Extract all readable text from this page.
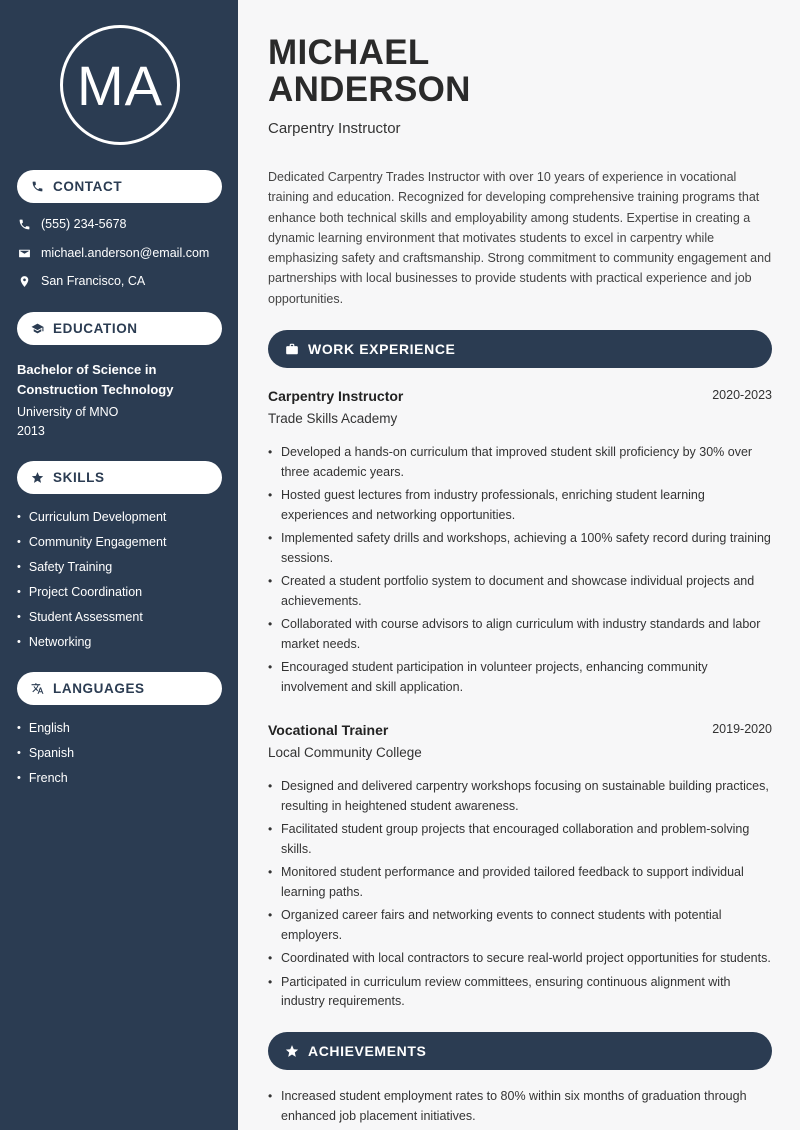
MA
CONTACT
(555) 234-5678
michael.anderson@email.com
San Francisco, CA
EDUCATION
Bachelor of Science in
Construction Technology
University of MNO
2013
SKILLS
• Curriculum Development
• Community Engagement
• Safety Training
• Project Coordination
• Student Assessment
• Networking
LANGUAGES
• English
• Spanish
• French
MICHAEL
ANDERSON
Carpentry Instructor
Dedicated Carpentry Trades Instructor with over 10 years of experience in vocational training and education. Recognized for developing comprehensive training programs that enhance both technical skills and employability among students. Expertise in creating a dynamic learning environment that motivates students to excel in carpentry while emphasizing safety and craftsmanship. Strong commitment to community engagement and partnerships with local businesses to provide students with practical experience and job opportunities.
WORK EXPERIENCE
Carpentry Instructor	2020-2023
Trade Skills Academy
• Developed a hands-on curriculum that improved student skill proficiency by 30% over three academic years.
• Hosted guest lectures from industry professionals, enriching student learning experiences and networking opportunities.
• Implemented safety drills and workshops, achieving a 100% safety record during training sessions.
• Created a student portfolio system to document and showcase individual projects and achievements.
• Collaborated with course advisors to align curriculum with industry standards and labor market needs.
• Encouraged student participation in volunteer projects, enhancing community involvement and skill application.
Vocational Trainer	2019-2020
Local Community College
• Designed and delivered carpentry workshops focusing on sustainable building practices, resulting in heightened student awareness.
• Facilitated student group projects that encouraged collaboration and problem-solving skills.
• Monitored student performance and provided tailored feedback to support individual learning paths.
• Organized career fairs and networking events to connect students with potential employers.
• Coordinated with local contractors to secure real-world project opportunities for students.
• Participated in curriculum review committees, ensuring continuous alignment with industry requirements.
ACHIEVEMENTS
• Increased student employment rates to 80% within six months of graduation through enhanced job placement initiatives.
